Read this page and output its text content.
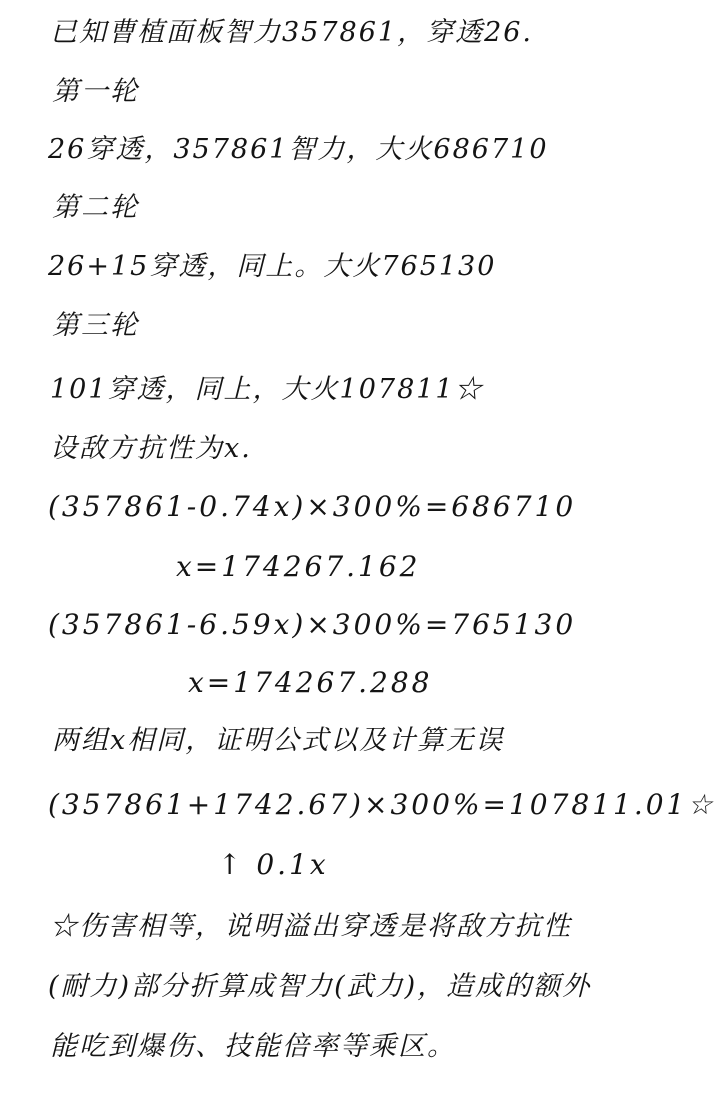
已知曹植面板智力357861，穿透26.
第一轮
26穿透，357861智力，大火686710
第二轮
26+15穿透，同上。大火765130
第三轮
101穿透，同上，大火107811☆
设敌方抗性为x.
(357861-0.74x)×300%=686710
x=174267.162
(357861-6.59x)×300%=765130
x=174267.288
两组x相同，证明公式以及计算无误
(357861+1742.67)×300%=107811.01☆
↑ 0.1x
☆伤害相等，说明溢出穿透是将敌方抗性
(耐力)部分折算成智力(武力)，造成的额外
能吃到爆伤、技能倍率等乘区。
